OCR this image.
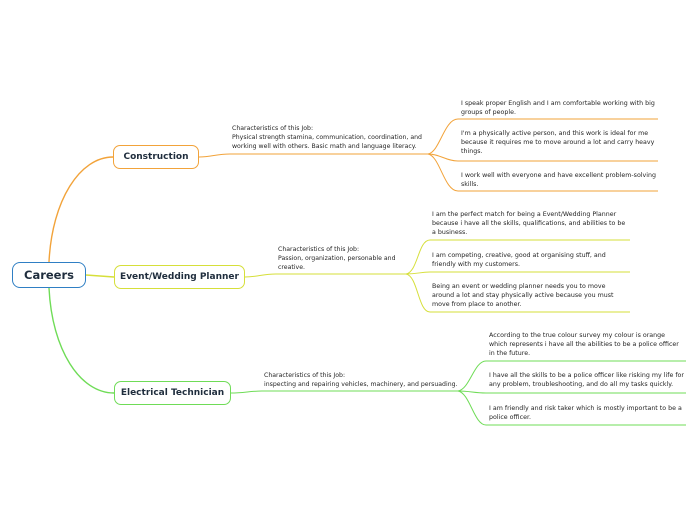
Careers
Construction
Event/Wedding Planner
Electrical Technician
Characteristics of this Job:
Physical strength stamina, communication, coordination, and working well with others. Basic math and language literacy.
Characteristics of this Job:
Passion, organization, personable and creative.
Characteristics of this Job:
inspecting and repairing vehicles, machinery, and persuading.
I speak proper English and I am comfortable working with big groups of people.
I'm a physically active person, and this work is ideal for me because it requires me to move around a lot and carry heavy things.
I work well with everyone and have excellent problem-solving skills.
I am the perfect match for being a Event/Wedding Planner because i have all the skills, qualifications, and abilities to be a business.
I am competing, creative, good at organising stuff, and friendly with my customers.
Being an event or wedding planner needs you to move around a lot and stay physically active because you must move from place to another.
According to the true colour survey my colour is orange which represents i have all the abilities to be a police officer in the future.
I have all the skills to be a police officer like risking my life for any problem, troubleshooting, and do all my tasks quickly.
I am friendly and risk taker which is mostly important to be a police officer.
